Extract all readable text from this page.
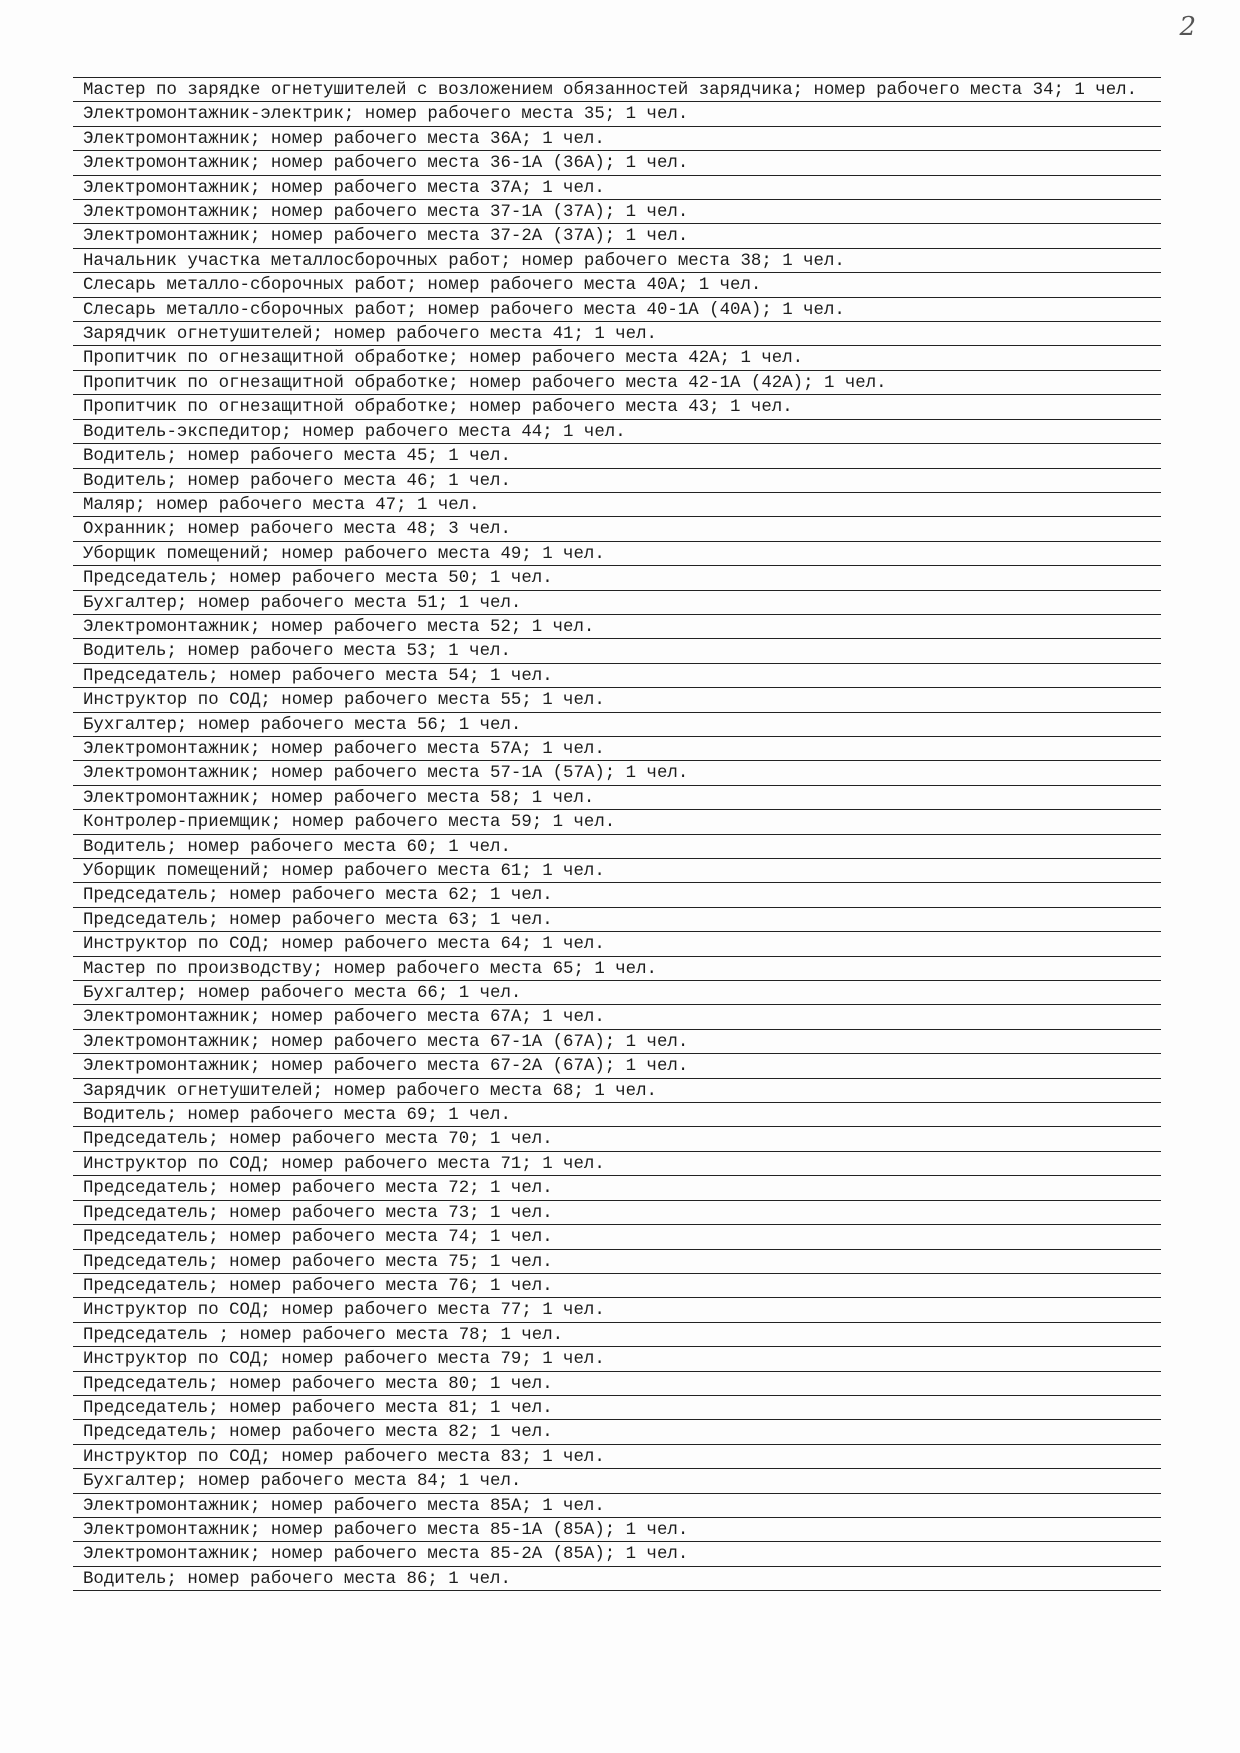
2
Мастер по зарядке огнетушителей с возложением обязанностей зарядчика; номер рабочего места 34; 1 чел.
Электромонтажник-электрик; номер рабочего места 35; 1 чел.
Электромонтажник; номер рабочего места 36А; 1 чел.
Электромонтажник; номер рабочего места 36-1А (36А); 1 чел.
Электромонтажник; номер рабочего места 37А; 1 чел.
Электромонтажник; номер рабочего места 37-1А (37А); 1 чел.
Электромонтажник; номер рабочего места 37-2А (37А); 1 чел.
Начальник участка металлосборочных работ; номер рабочего места 38; 1 чел.
Слесарь металло-сборочных работ; номер рабочего места 40А; 1 чел.
Слесарь металло-сборочных работ; номер рабочего места 40-1А (40А); 1 чел.
Зарядчик огнетушителей; номер рабочего места 41; 1 чел.
Пропитчик по огнезащитной обработке; номер рабочего места 42А; 1 чел.
Пропитчик по огнезащитной обработке; номер рабочего места 42-1А (42А); 1 чел.
Пропитчик по огнезащитной обработке; номер рабочего места 43; 1 чел.
Водитель-экспедитор; номер рабочего места 44; 1 чел.
Водитель; номер рабочего места 45; 1 чел.
Водитель; номер рабочего места 46; 1 чел.
Маляр; номер рабочего места 47; 1 чел.
Охранник; номер рабочего места 48; 3 чел.
Уборщик помещений; номер рабочего места 49; 1 чел.
Председатель; номер рабочего места 50; 1 чел.
Бухгалтер; номер рабочего места 51; 1 чел.
Электромонтажник; номер рабочего места 52; 1 чел.
Водитель; номер рабочего места 53; 1 чел.
Председатель; номер рабочего места 54; 1 чел.
Инструктор по СОД; номер рабочего места 55; 1 чел.
Бухгалтер; номер рабочего места 56; 1 чел.
Электромонтажник; номер рабочего места 57А; 1 чел.
Электромонтажник; номер рабочего места 57-1А (57А); 1 чел.
Электромонтажник; номер рабочего места 58; 1 чел.
Контролер-приемщик; номер рабочего места 59; 1 чел.
Водитель; номер рабочего места 60; 1 чел.
Уборщик помещений; номер рабочего места 61; 1 чел.
Председатель; номер рабочего места 62; 1 чел.
Председатель; номер рабочего места 63; 1 чел.
Инструктор по СОД; номер рабочего места 64; 1 чел.
Мастер по производству; номер рабочего места 65; 1 чел.
Бухгалтер; номер рабочего места 66; 1 чел.
Электромонтажник; номер рабочего места 67А; 1 чел.
Электромонтажник; номер рабочего места 67-1А (67А); 1 чел.
Электромонтажник; номер рабочего места 67-2А (67А); 1 чел.
Зарядчик огнетушителей; номер рабочего места 68; 1 чел.
Водитель; номер рабочего места 69; 1 чел.
Председатель; номер рабочего места 70; 1 чел.
Инструктор по СОД; номер рабочего места 71; 1 чел.
Председатель; номер рабочего места 72; 1 чел.
Председатель; номер рабочего места 73; 1 чел.
Председатель; номер рабочего места 74; 1 чел.
Председатель; номер рабочего места 75; 1 чел.
Председатель; номер рабочего места 76; 1 чел.
Инструктор по СОД; номер рабочего места 77; 1 чел.
Председатель ; номер рабочего места 78; 1 чел.
Инструктор по СОД; номер рабочего места 79; 1 чел.
Председатель; номер рабочего места 80; 1 чел.
Председатель; номер рабочего места 81; 1 чел.
Председатель; номер рабочего места 82; 1 чел.
Инструктор по СОД; номер рабочего места 83; 1 чел.
Бухгалтер; номер рабочего места 84; 1 чел.
Электромонтажник; номер рабочего места 85А; 1 чел.
Электромонтажник; номер рабочего места 85-1А (85А); 1 чел.
Электромонтажник; номер рабочего места 85-2А (85А); 1 чел.
Водитель; номер рабочего места 86; 1 чел.
